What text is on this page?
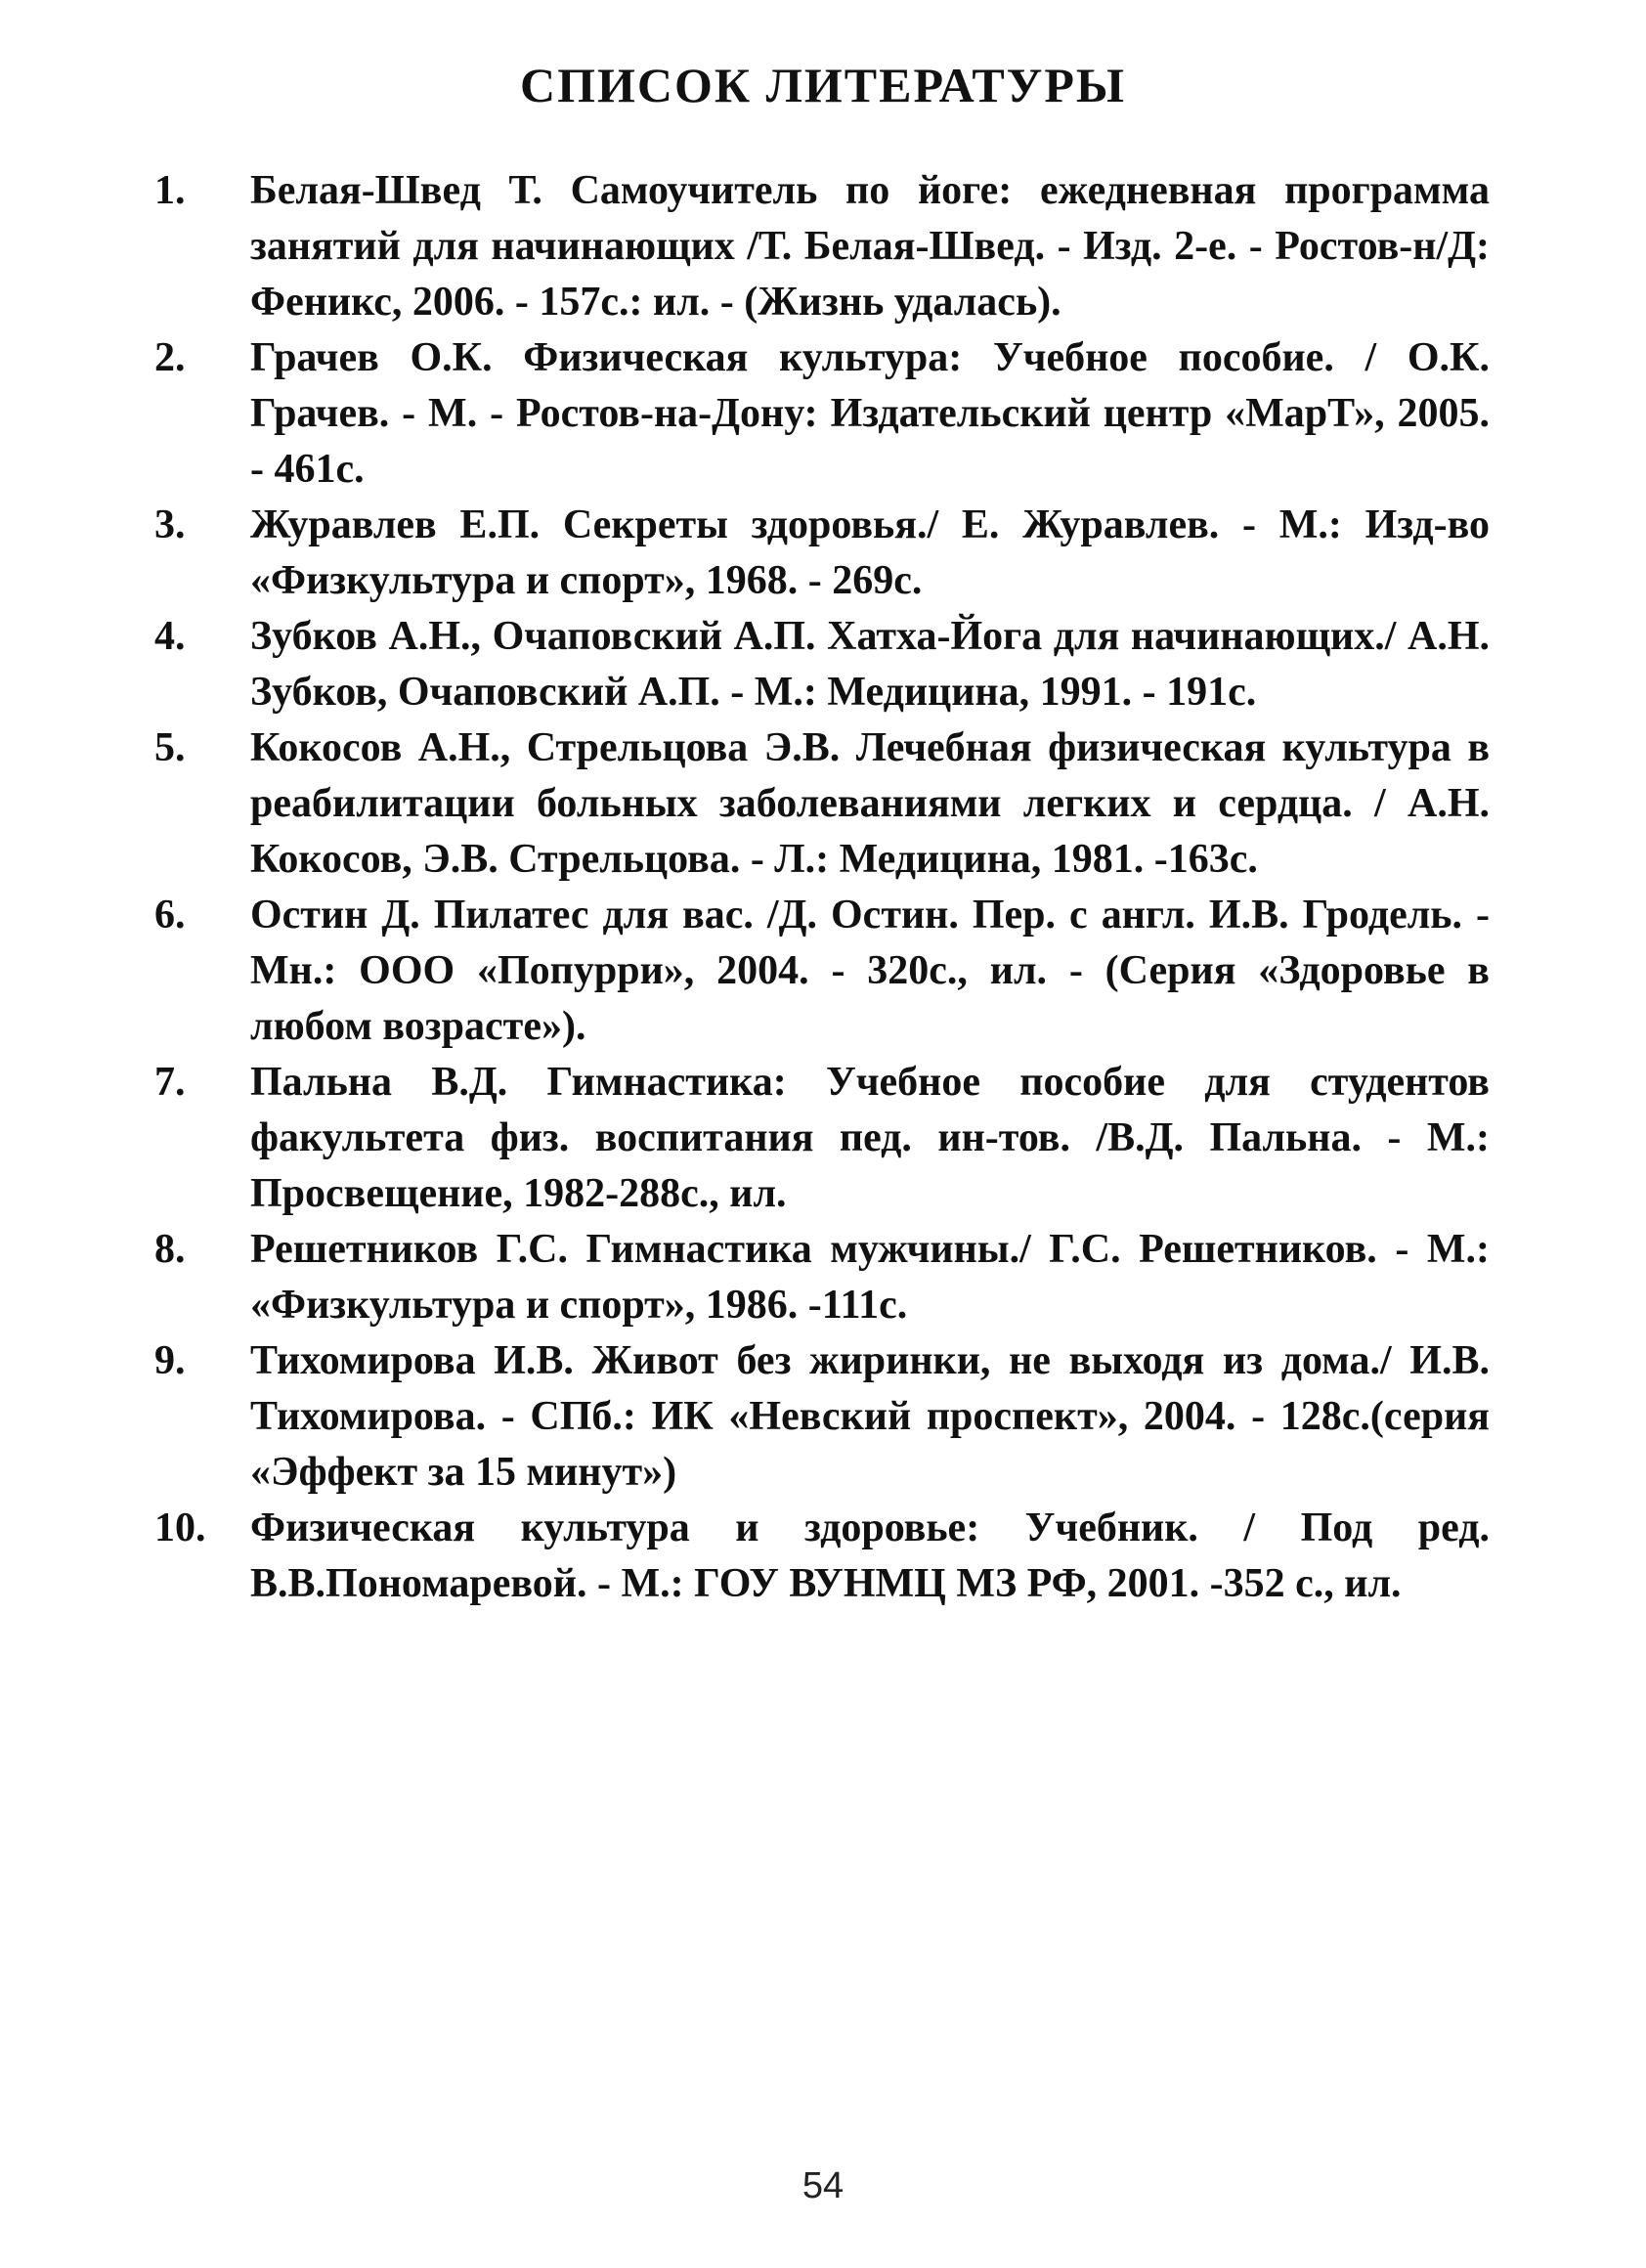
СПИСОК ЛИТЕРАТУРЫ
1.	Белая-Швед Т. Самоучитель по йоге: ежедневная программа занятий для начинающих /Т. Белая-Швед. - Изд. 2-е. - Ростов-н/Д: Феникс, 2006. - 157с.: ил. - (Жизнь удалась).
2.	Грачев О.К. Физическая культура: Учебное пособие. / О.К. Грачев. - М. - Ростов-на-Дону: Издательский центр «МарТ», 2005. - 461с.
3.	Журавлев Е.П. Секреты здоровья./ Е. Журавлев. - М.: Изд-во «Физкультура и спорт», 1968. - 269с.
4.	Зубков А.Н., Очаповский А.П. Хатха-Йога для начинающих./ А.Н. Зубков, Очаповский А.П. - М.: Медицина, 1991. - 191с.
5.	Кокосов А.Н., Стрельцова Э.В. Лечебная физическая культура в реабилитации больных заболеваниями легких и сердца. / А.Н. Кокосов, Э.В. Стрельцова. - Л.: Медицина, 1981. -163с.
6.	Остин Д. Пилатес для вас. /Д. Остин. Пер. с англ. И.В. Гродель. - Мн.: ООО «Попурри», 2004. - 320с., ил. - (Серия «Здоровье в любом возрасте»).
7.	Пальна В.Д. Гимнастика: Учебное пособие для студентов факультета физ. воспитания пед. ин-тов. /В.Д. Пальна. - М.: Просвещение, 1982-288с., ил.
8.	Решетников Г.С. Гимнастика мужчины./ Г.С. Решетников. - М.: «Физкультура и спорт», 1986. -111с.
9.	Тихомирова И.В. Живот без жиринки, не выходя из дома./ И.В. Тихомирова. - СПб.: ИК «Невский проспект», 2004. - 128с.(серия «Эффект за 15 минут»)
10.	Физическая культура и здоровье: Учебник. / Под ред. В.В.Пономаревой. - М.: ГОУ ВУНМЦ МЗ РФ, 2001. -352 с., ил.
54
